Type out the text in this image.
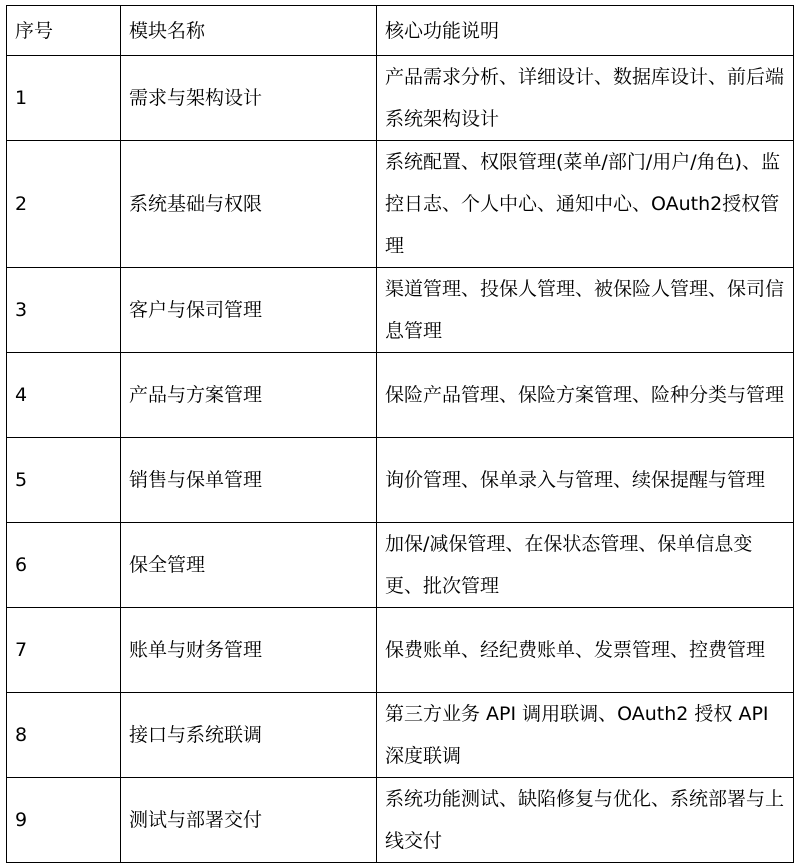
序号	模块名称	核心功能说明
1	需求与架构设计	产品需求分析、详细设计、数据库设计、前后端系统架构设计
2	系统基础与权限	系统配置、权限管理(菜单/部门/用户/角色)、监控日志、个人中心、通知中心、OAuth2授权管理
3	客户与保司管理	渠道管理、投保人管理、被保险人管理、保司信息管理
4	产品与方案管理	保险产品管理、保险方案管理、险种分类与管理
5	销售与保单管理	询价管理、保单录入与管理、续保提醒与管理
6	保全管理	加保/减保管理、在保状态管理、保单信息变更、批次管理
7	账单与财务管理	保费账单、经纪费账单、发票管理、控费管理
8	接口与系统联调	第三方业务 API 调用联调、OAuth2 授权 API 深度联调
9	测试与部署交付	系统功能测试、缺陷修复与优化、系统部署与上线交付
